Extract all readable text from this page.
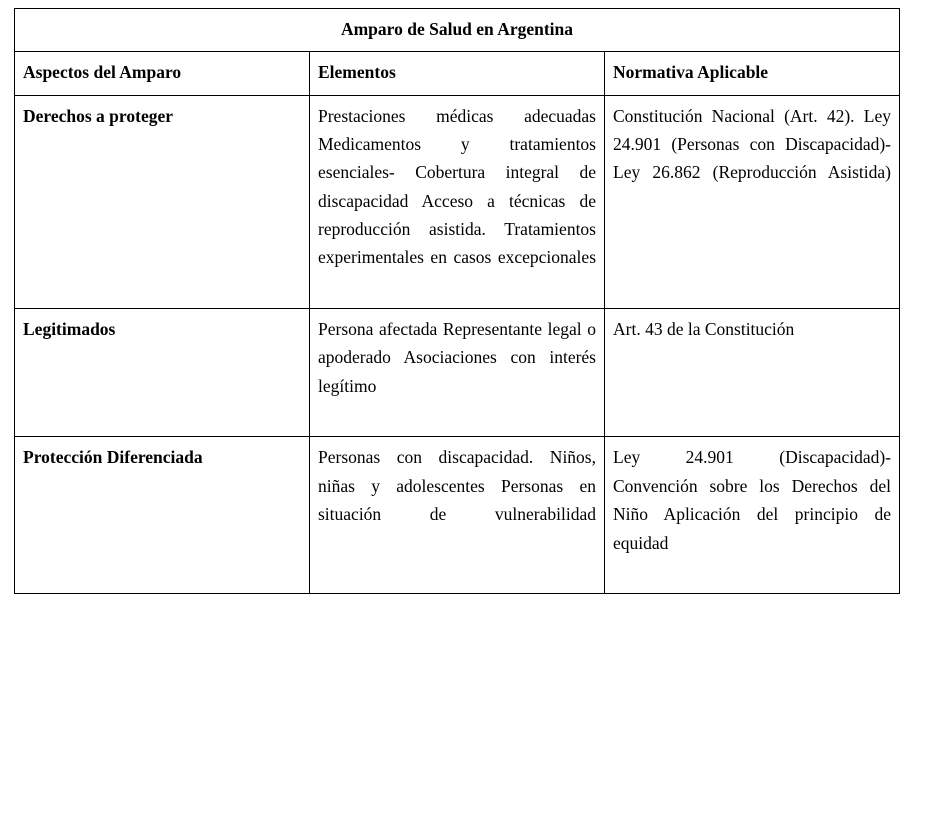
Amparo de Salud en Argentina		
Aspectos del Amparo	Elementos	Normativa Aplicable
Derechos a proteger	Prestaciones médicas adecuadas Medicamentos y tratamientos esenciales- Cobertura integral de discapacidad Acceso a técnicas de reproducción asistida. Tratamientos experimentales en casos excepcionales	Constitución Nacional (Art. 42). Ley 24.901 (Personas con Discapacidad)- Ley 26.862 (Reproducción Asistida)
Legitimados	Persona afectada Representante legal o apoderado Asociaciones con interés legítimo	Art. 43 de la Constitución
Protección Diferenciada	Personas con discapacidad. Niños, niñas y adolescentes Personas en situación de vulnerabilidad	Ley 24.901 (Discapacidad)- Convención sobre los Derechos del Niño Aplicación del principio de equidad
